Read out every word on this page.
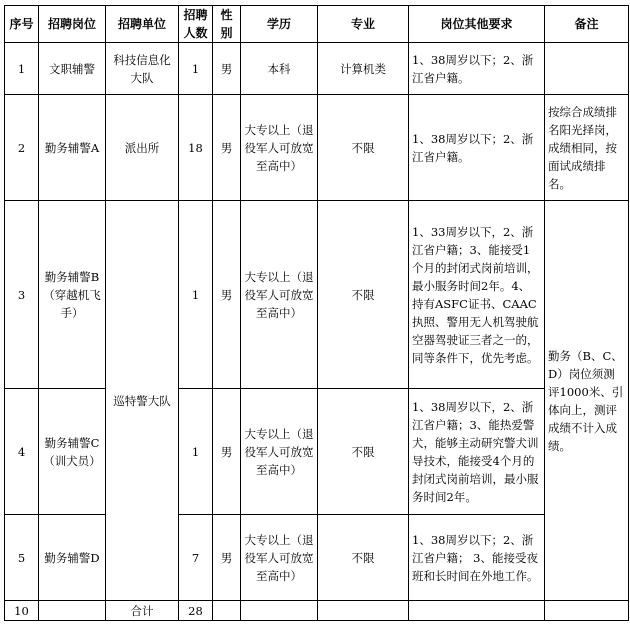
序号	招聘岗位	招聘单位	招聘人数	性别	学历	专业	岗位其他要求	备注
1	文职辅警	科技信息化大队	1	男	本科	计算机类	1、38周岁以下；2、浙江省户籍。	
2	勤务辅警A	派出所	18	男	大专以上（退役军人可放宽至高中）	不限	1、38周岁以下；2、浙江省户籍。	按综合成绩排名阳光择岗，成绩相同，按面试成绩排名。
3	勤务辅警B（穿越机飞手）	巡特警大队	1	男	大专以上（退役军人可放宽至高中）	不限	1、33周岁以下，2、浙江省户籍；3、能接受1个月的封闭式岗前培训，最小服务时间2年。4、持有ASFC证书、CAAC执照、警用无人机驾驶航空器驾驶证三者之一的，同等条件下，优先考虑。	勤务（B、C、D）岗位须测评1000米、引体向上，测评成绩不计入成绩。
4	勤务辅警C（训犬员）		1	男	大专以上（退役军人可放宽至高中）	不限	1、38周岁以下，2、浙江省户籍；3、能热爱警犬，能够主动研究警犬训导技术，能接受4个月的封闭式岗前培训，最小服务时间2年。	
5	勤务辅警D		7	男	大专以上（退役军人可放宽至高中）	不限	1、38周岁以下；2、浙江省户籍； 3、能接受夜班和长时间在外地工作。	
10		合计	28					
